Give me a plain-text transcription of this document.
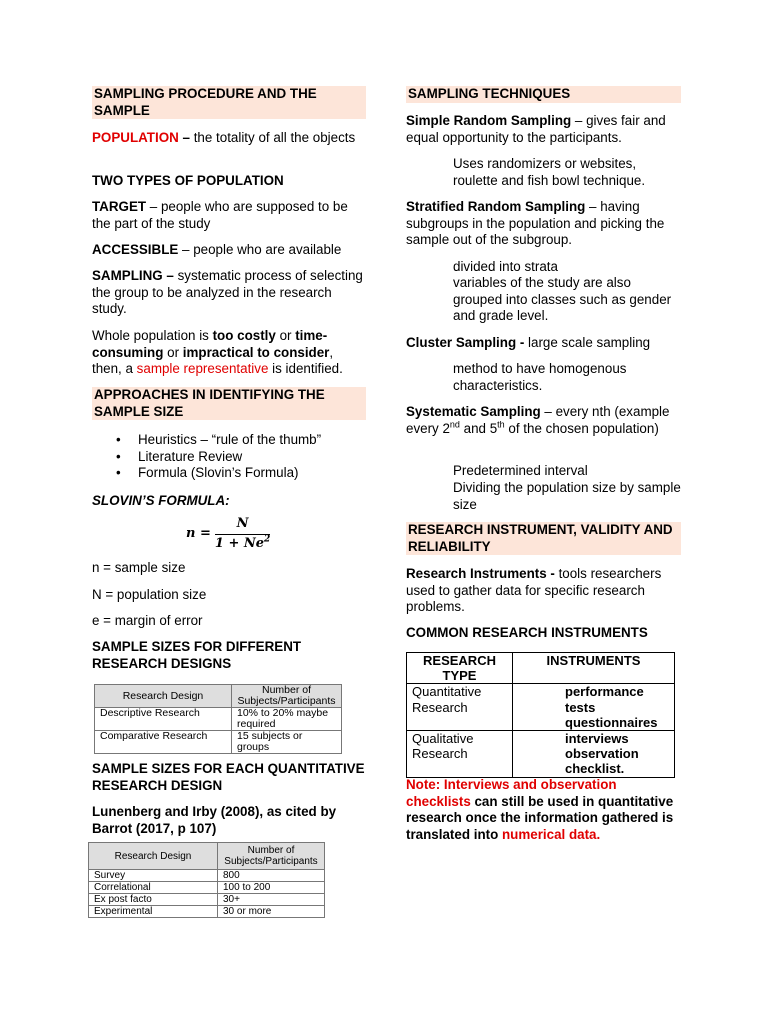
SAMPLING PROCEDURE AND THE SAMPLE

POPULATION – the totality of all the objects

TWO TYPES OF POPULATION

TARGET – people who are supposed to be the part of the study

ACCESSIBLE – people who are available

SAMPLING – systematic process of selecting the group to be analyzed in the research study.

Whole population is too costly or time-consuming or impractical to consider, then, a sample representative is identified.

APPROACHES IN IDENTIFYING THE SAMPLE SIZE
• Heuristics – “rule of the thumb”
• Literature Review
• Formula (Slovin’s Formula)

SLOVIN’S FORMULA:

$n = \frac{N}{1 + Ne^2}$

n = sample size

N = population size

e = margin of error

SAMPLE SIZES FOR DIFFERENT RESEARCH DESIGNS

Research Design	Number of Subjects/Participants
Descriptive Research	10% to 20% maybe required
Comparative Research	15 subjects or groups

SAMPLE SIZES FOR EACH QUANTITATIVE RESEARCH DESIGN

Lunenberg and Irby (2008), as cited by Barrot (2017, p 107)

Research Design	Number of Subjects/Participants
Survey	800
Correlational	100 to 200
Ex post facto	30+
Experimental	30 or more
SAMPLING TECHNIQUES

Simple Random Sampling – gives fair and equal opportunity to the participants.

Uses randomizers or websites, roulette and fish bowl technique.

Stratified Random Sampling – having subgroups in the population and picking the sample out of the subgroup.

divided into strata

variables of the study are also grouped into classes such as gender and grade level.

Cluster Sampling - large scale sampling

method to have homogenous characteristics.

Systematic Sampling – every nth (example every 2nd and 5th of the chosen population)

Predetermined interval

Dividing the population size by sample size

RESEARCH INSTRUMENT, VALIDITY AND RELIABILITY

Research Instruments - tools researchers used to gather data for specific research problems.

COMMON RESEARCH INSTRUMENTS

RESEARCH TYPE	INSTRUMENTS
Quantitative Research	performance
tests
questionnaires

Qualitative Research	interviews
observation
checklist.

Note: Interviews and observation checklists can still be used in quantitative research once the information gathered is translated into numerical data.
